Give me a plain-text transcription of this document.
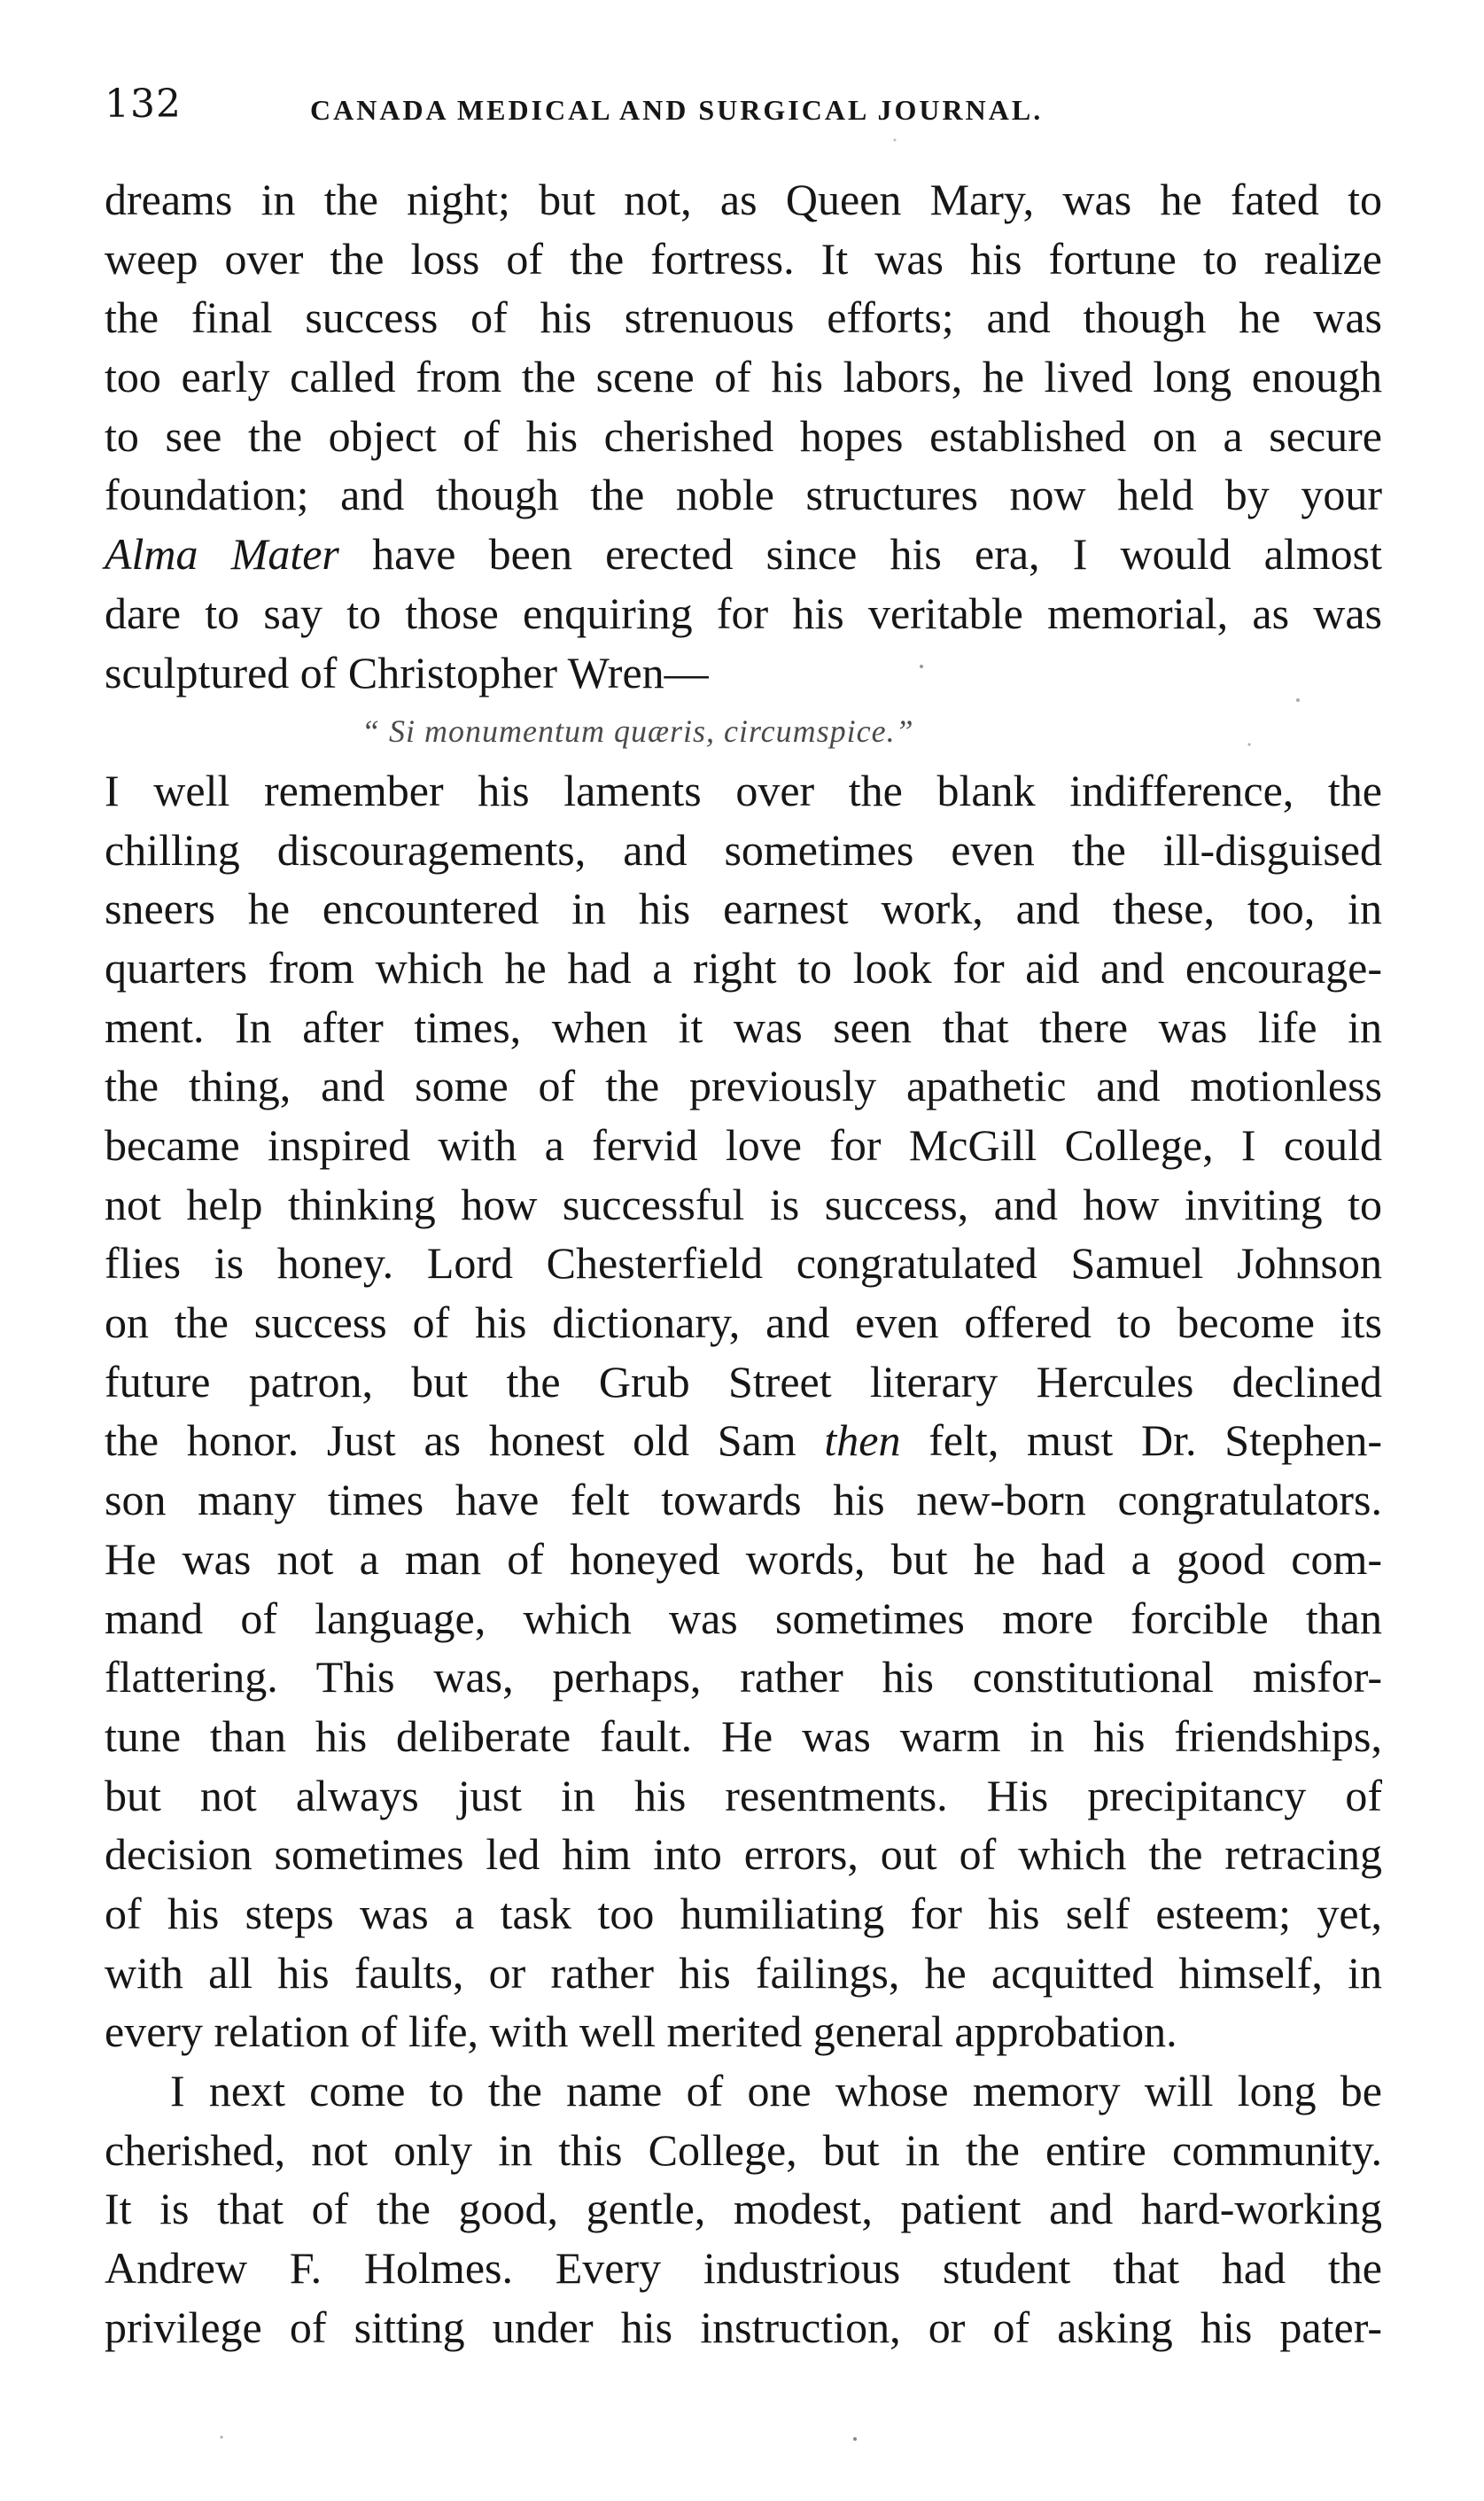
132	CANADA MEDICAL AND SURGICAL JOURNAL.
dreams in the night; but not, as Queen Mary, was he fated to
weep over the loss of the fortress. It was his fortune to realize
the final success of his strenuous efforts; and though he was
too early called from the scene of his labors, he lived long enough
to see the object of his cherished hopes established on a secure
foundation; and though the noble structures now held by your
Alma Mater have been erected since his era, I would almost
dare to say to those enquiring for his veritable memorial, as was
sculptured of Christopher Wren—
“ Si monumentum quæris, circumspice.”
I well remember his laments over the blank indifference, the
chilling discouragements, and sometimes even the ill-disguised
sneers he encountered in his earnest work, and these, too, in
quarters from which he had a right to look for aid and encourage-
ment. In after times, when it was seen that there was life in
the thing, and some of the previously apathetic and motionless
became inspired with a fervid love for McGill College, I could
not help thinking how successful is success, and how inviting to
flies is honey. Lord Chesterfield congratulated Samuel Johnson
on the success of his dictionary, and even offered to become its
future patron, but the Grub Street literary Hercules declined
the honor. Just as honest old Sam then felt, must Dr. Stephen-
son many times have felt towards his new-born congratulators.
He was not a man of honeyed words, but he had a good com-
mand of language, which was sometimes more forcible than
flattering. This was, perhaps, rather his constitutional misfor-
tune than his deliberate fault. He was warm in his friendships,
but not always just in his resentments. His precipitancy of
decision sometimes led him into errors, out of which the retracing
of his steps was a task too humiliating for his self esteem; yet,
with all his faults, or rather his failings, he acquitted himself, in
every relation of life, with well merited general approbation.
I next come to the name of one whose memory will long be
cherished, not only in this College, but in the entire community.
It is that of the good, gentle, modest, patient and hard-working
Andrew F. Holmes. Every industrious student that had the
privilege of sitting under his instruction, or of asking his pater-
